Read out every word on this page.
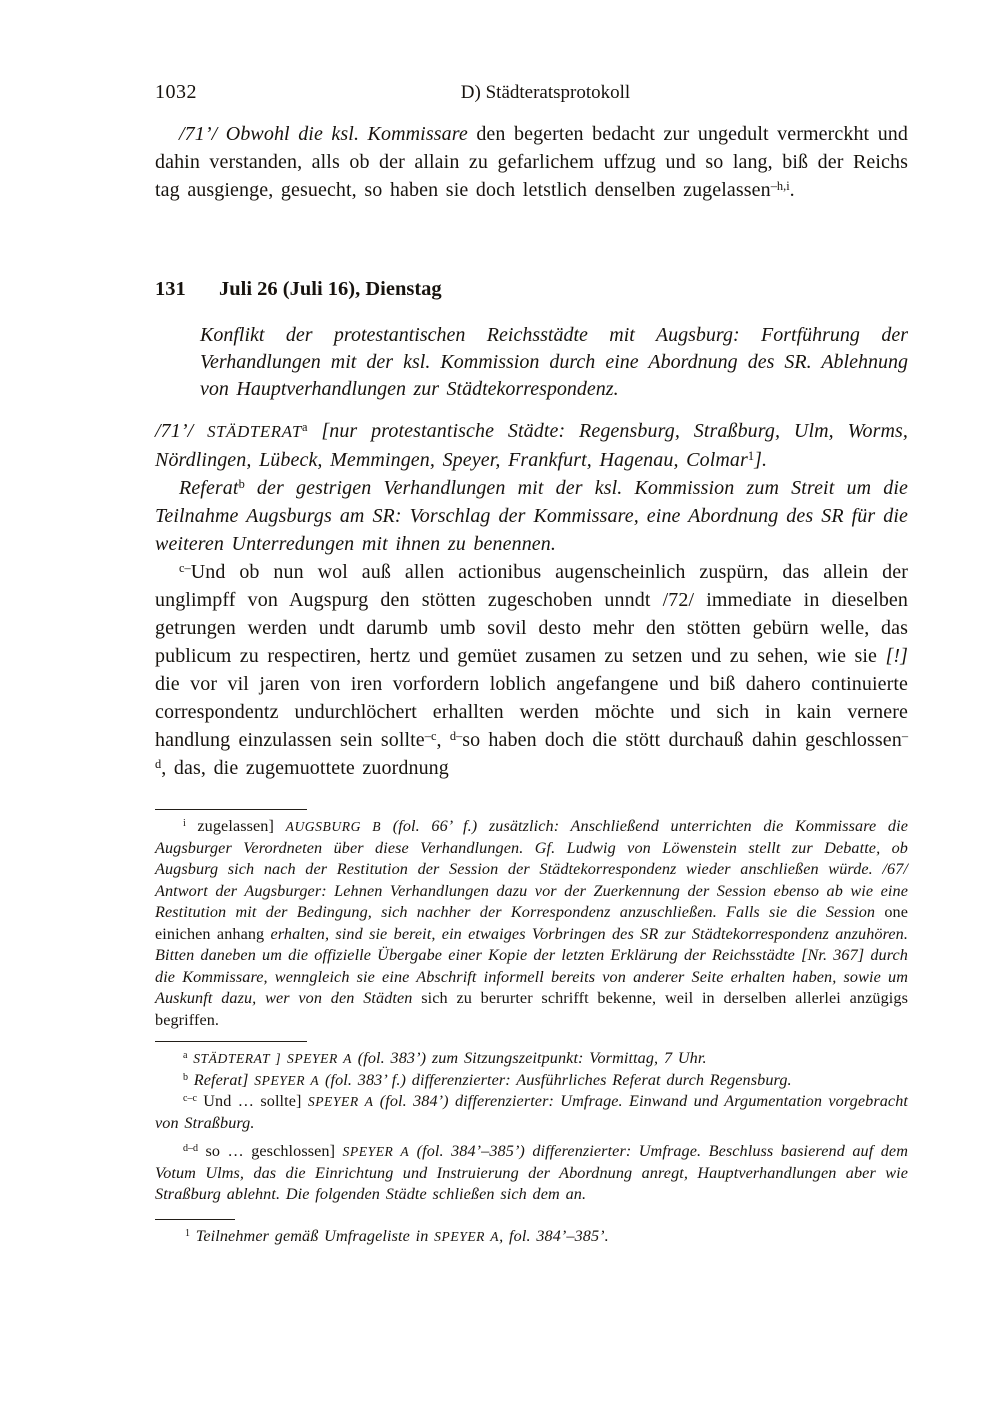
1032	D) Städteratsprotokoll

/71’/ Obwohl die ksl. Kommissare den begerten bedacht zur ungedult vermerckht und dahin verstanden, alls ob der allain zu gefarlichem uffzug und so lang, biß der Reichs tag ausgienge, gesuecht, so haben sie doch letstlich denselben zugelassen$^{-h,i}$.

131	Juli 26 (Juli 16), Dienstag

Konflikt der protestantischen Reichsstädte mit Augsburg: Fortführung der Verhandlungen mit der ksl. Kommission durch eine Abordnung des SR. Ablehnung von Hauptverhandlungen zur Städtekorrespondenz.

/71’/ STÄDTERAT$^a$ [nur protestantische Städte: Regensburg, Straßburg, Ulm, Worms, Nördlingen, Lübeck, Memmingen, Speyer, Frankfurt, Hagenau, Colmar$^1$].

Referat$^b$ der gestrigen Verhandlungen mit der ksl. Kommission zum Streit um die Teilnahme Augsburgs am SR: Vorschlag der Kommissare, eine Abordnung des SR für die weiteren Unterredungen mit ihnen zu benennen.

$^{c-}$Und ob nun wol auß allen actionibus augenscheinlich zuspürn, das allein der unglimpff von Augspurg den stötten zugeschoben unndt /72/ immediate in dieselben getrungen werden undt darumb umb sovil desto mehr den stötten gebürn welle, das publicum zu respectiren, hertz und gemüet zusamen zu setzen und zu sehen, wie sie [!] die vor vil jaren von iren vorfordern loblich angefangene und biß dahero continuierte correspondentz undurchlöchert erhallten werden möchte und sich in kain vernere handlung einzulassen sein sollte$^{-c}$, $^{d-}$so haben doch die stött durchauß dahin geschlossen$^{-d}$, das, die zugemuottete zuordnung

$^i$ zugelassen] AUGSBURG B (fol. 66’ f.) zusätzlich: Anschließend unterrichten die Kommissare die Augsburger Verordneten über diese Verhandlungen. Gf. Ludwig von Löwenstein stellt zur Debatte, ob Augsburg sich nach der Restitution der Session der Städtekorrespondenz wieder anschließen würde. /67/ Antwort der Augsburger: Lehnen Verhandlungen dazu vor der Zuerkennung der Session ebenso ab wie eine Restitution mit der Bedingung, sich nachher der Korrespondenz anzuschließen. Falls sie die Session one einichen anhang erhalten, sind sie bereit, ein etwaiges Vorbringen des SR zur Städtekorrespondenz anzuhören. Bitten daneben um die offizielle Übergabe einer Kopie der letzten Erklärung der Reichsstädte [Nr. 367] durch die Kommissare, wenngleich sie eine Abschrift informell bereits von anderer Seite erhalten haben, sowie um Auskunft dazu, wer von den Städten sich zu berurter schrifft bekenne, weil in derselben allerlei anzügigs begriffen.

$^a$ STÄDTERAT ] SPEYER A (fol. 383’) zum Sitzungszeitpunkt: Vormittag, 7 Uhr.

$^b$ Referat] SPEYER A (fol. 383’ f.) differenzierter: Ausführliches Referat durch Regensburg.

$^{c-c}$ Und … sollte] SPEYER A (fol. 384’) differenzierter: Umfrage. Einwand und Argumentation vorgebracht von Straßburg.

$^{d-d}$ so … geschlossen] SPEYER A (fol. 384’–385’) differenzierter: Umfrage. Beschluss basierend auf dem Votum Ulms, das die Einrichtung und Instruierung der Abordnung anregt, Hauptverhandlungen aber wie Straßburg ablehnt. Die folgenden Städte schließen sich dem an.

$^1$ Teilnehmer gemäß Umfrageliste in SPEYER A, fol. 384’–385’.
